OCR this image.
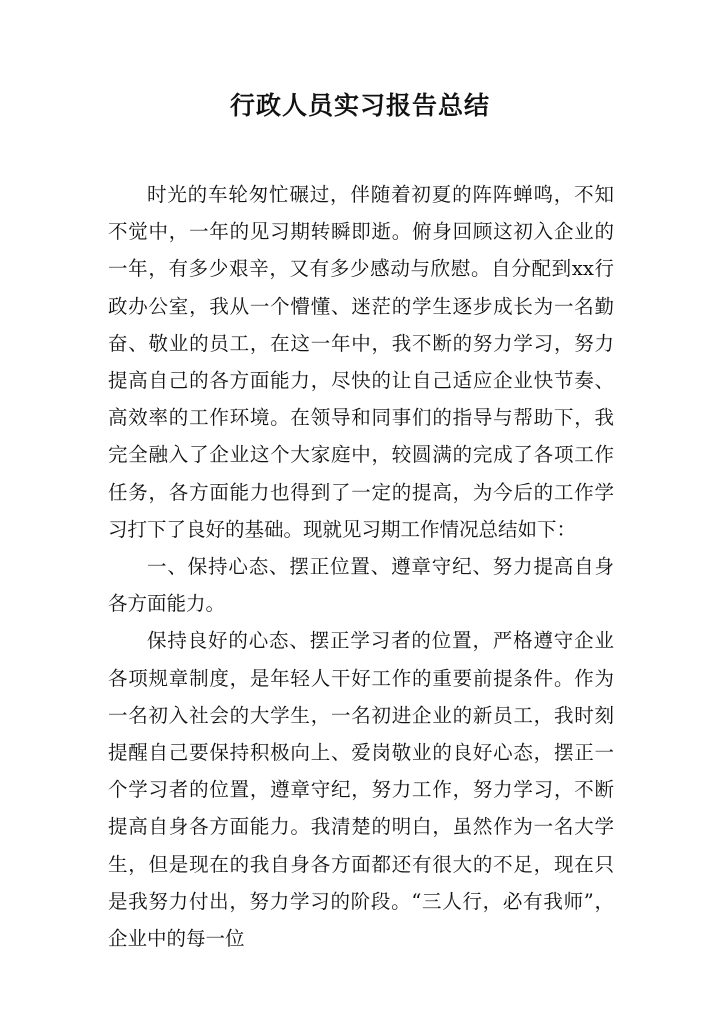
行政人员实习报告总结

时光的车轮匆忙碾过，伴随着初夏的阵阵蝉鸣，不知不觉中，一年的见习期转瞬即逝。俯身回顾这初入企业的一年，有多少艰辛，又有多少感动与欣慰。自分配到xx行政办公室，我从一个懵懂、迷茫的学生逐步成长为一名勤奋、敬业的员工，在这一年中，我不断的努力学习，努力提高自己的各方面能力，尽快的让自己适应企业快节奏、高效率的工作环境。在领导和同事们的指导与帮助下，我完全融入了企业这个大家庭中，较圆满的完成了各项工作任务，各方面能力也得到了一定的提高，为今后的工作学习打下了良好的基础。现就见习期工作情况总结如下：

一、保持心态、摆正位置、遵章守纪、努力提高自身各方面能力。

保持良好的心态、摆正学习者的位置，严格遵守企业各项规章制度，是年轻人干好工作的重要前提条件。作为一名初入社会的大学生，一名初进企业的新员工，我时刻提醒自己要保持积极向上、爱岗敬业的良好心态，摆正一个学习者的位置，遵章守纪，努力工作，努力学习，不断提高自身各方面能力。我清楚的明白，虽然作为一名大学生，但是现在的我自身各方面都还有很大的不足，现在只是我努力付出，努力学习的阶段。“三人行，必有我师”，企业中的每一位
